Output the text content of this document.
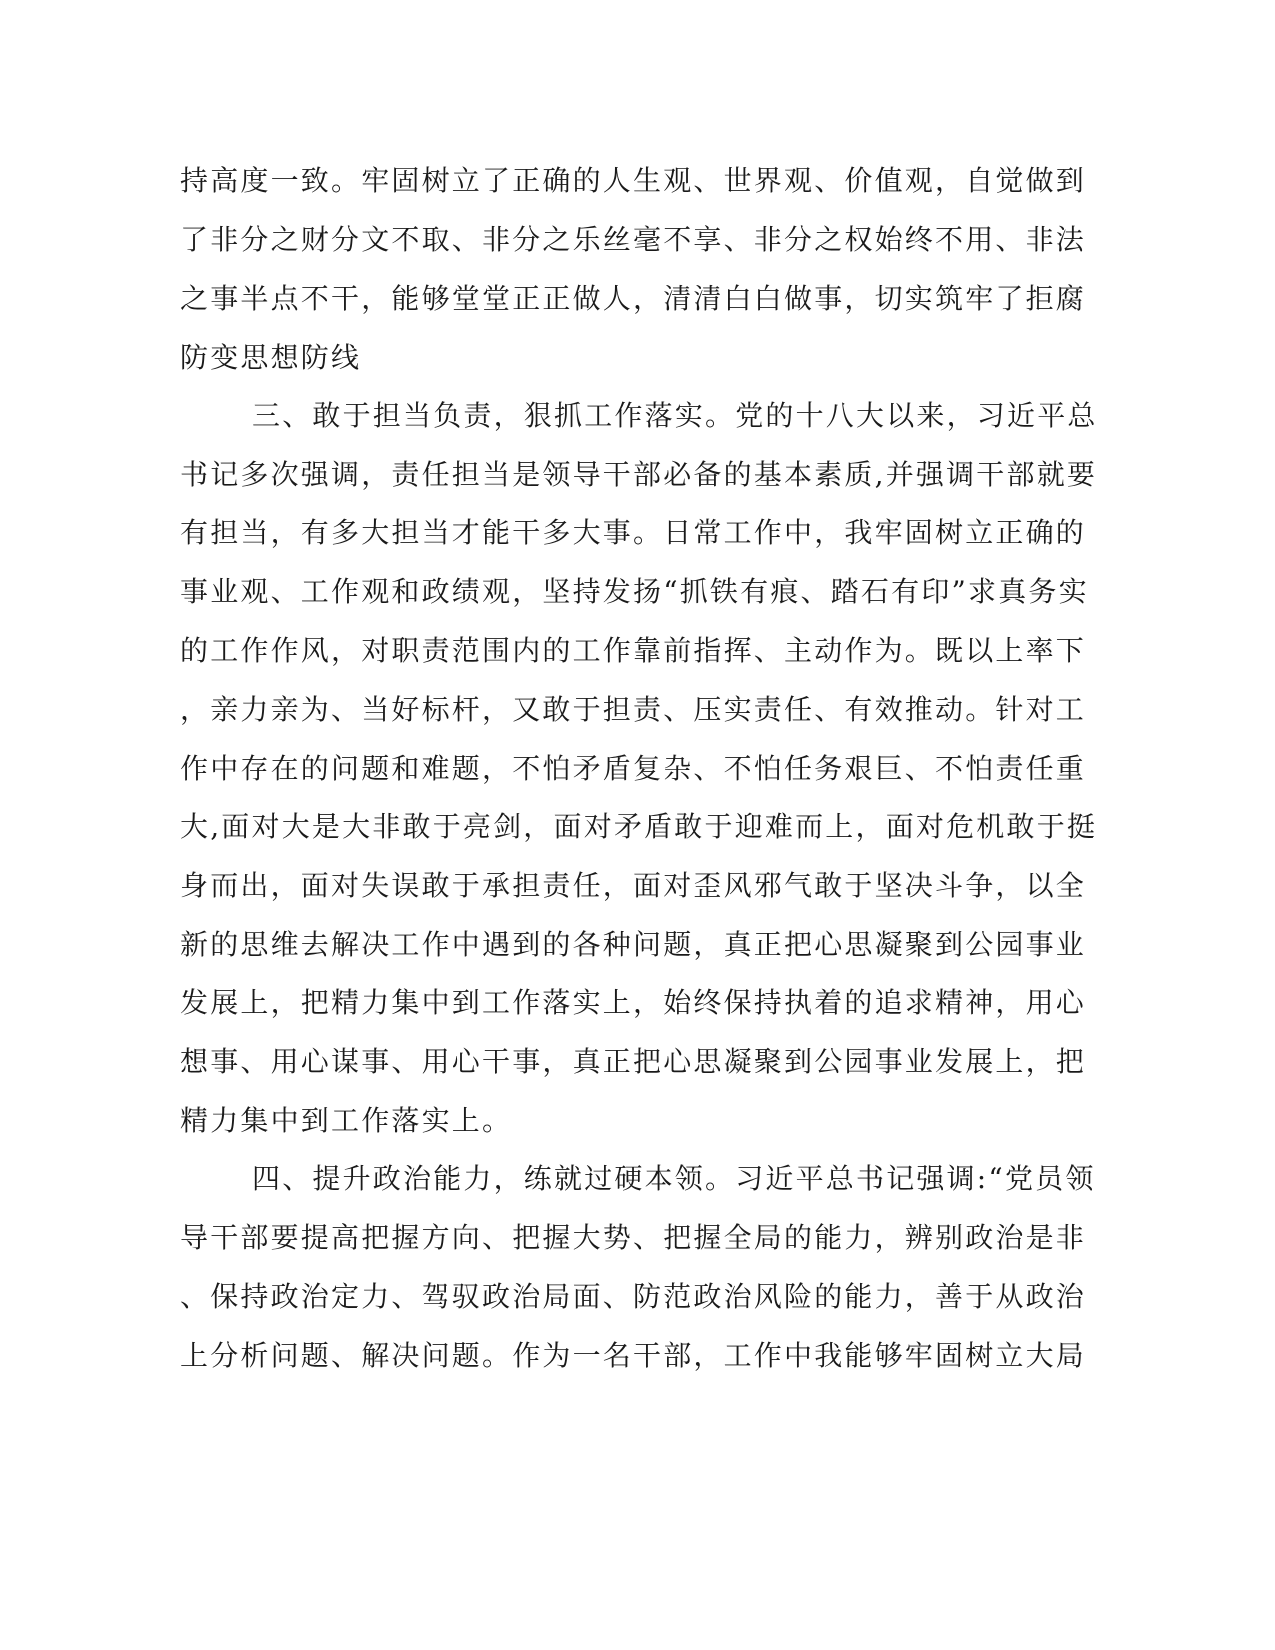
持高度一致。牢固树立了正确的人生观、世界观、价值观，自觉做到
了非分之财分文不取、非分之乐丝毫不享、非分之权始终不用、非法
之事半点不干，能够堂堂正正做人，清清白白做事，切实筑牢了拒腐
防变思想防线
三、敢于担当负责，狠抓工作落实。党的十八大以来，习近平总
书记多次强调，责任担当是领导干部必备的基本素质,并强调干部就要
有担当，有多大担当才能干多大事。日常工作中，我牢固树立正确的
事业观、工作观和政绩观，坚持发扬“抓铁有痕、踏石有印”求真务实
的工作作风，对职责范围内的工作靠前指挥、主动作为。既以上率下
，亲力亲为、当好标杆，又敢于担责、压实责任、有效推动。针对工
作中存在的问题和难题，不怕矛盾复杂、不怕任务艰巨、不怕责任重
大,面对大是大非敢于亮剑，面对矛盾敢于迎难而上，面对危机敢于挺
身而出，面对失误敢于承担责任，面对歪风邪气敢于坚决斗争，以全
新的思维去解决工作中遇到的各种问题，真正把心思凝聚到公园事业
发展上，把精力集中到工作落实上，始终保持执着的追求精神，用心
想事、用心谋事、用心干事，真正把心思凝聚到公园事业发展上，把
精力集中到工作落实上。
四、提升政治能力，练就过硬本领。习近平总书记强调:“党员领
导干部要提高把握方向、把握大势、把握全局的能力，辨别政治是非
、保持政治定力、驾驭政治局面、防范政治风险的能力，善于从政治
上分析问题、解决问题。作为一名干部，工作中我能够牢固树立大局
